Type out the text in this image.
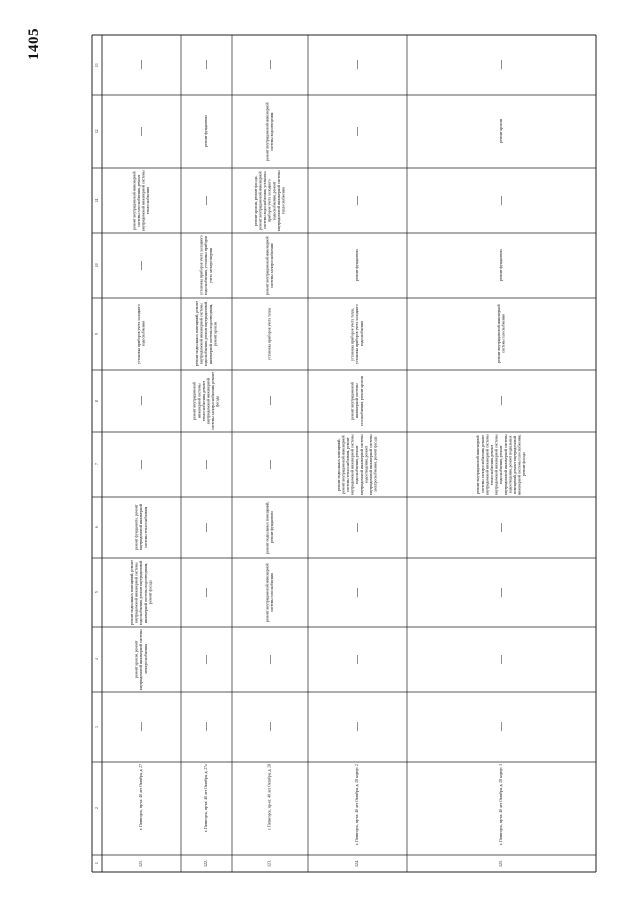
1405
1
2
3
4
5
6
7
8
9
10
11
12
13
121.
г. Пятигорск, пр-кт. 40 лет Октября, д. 27
—
ремонт кровли, ремонт внутридомовой инженерной системы электроснабжения
ремонт подвальных помещений, ремонт внутридомовой инженерной системы водоснабжения, ремонт внутридомовой инженерной системы водоотведения, ремонт фасада
ремонт фундамента, ремонт внутридомовой инженерной системы теплоснабжения
—
—
установка приборов учета холодного водоснабжения
—
ремонт внутридомовой инженерной системы газоснабжения, ремонт внутридомовой инженерной системы теплоснабжения
—
—
122.
г. Пятигорск, пр-кт. 40 лет Октября, д. 27а
—
—
—
—
—
ремонт внутридомовой инженерной системы теплоснабжения, ремонт внутридомовой инженерной системы электроснабжения, ремонт фасада
ремонт подвальных помещений, ремонт внутридомовой инженерной системы водоснабжения, ремонт внутридомовой инженерной системы водоотведения, ремонт кровли
установка приборов учета холодного водоснабжения, установка приборов учета электроэнергии
—
ремонт фундамента
—
123.
г. Пятигорск, пр-кт. 40 лет Октября, д. 28
—
—
ремонт внутридомовой инженерной системы газоснабжения
ремонт подвальных помещений, ремонт фундамента
—
—
установка приборов учета тепла
ремонт внутридомовой инженерной системы электроснабжения
ремонт кровли, ремонт фасада, ремонт внутридомовой инженерной системы водоснабжения, установка приборов учета холодного водоснабжения, ремонт внутридомовой инженерной системы теплоснабжения
ремонт внутридомовой инженерной системы водоотведения
—
124.
г. Пятигорск, пр-кт. 40 лет Октября, д. 28 корпус 2
—
—
—
—
ремонт подвальных помещений, ремонт внутридомовой инженерной системы теплоснабжения, ремонт внутридомовой инженерной системы водоснабжения, ремонт внутридомовой инженерной системы водоотведения, ремонт внутридомовой инженерной системы электроснабжения, ремонт фасада
ремонт внутридомовой инженерной системы газоснабжения, ремонт кровли
установка приборов учета тепла, установка приборов учета холодного водоснабжения
ремонт фундамента
—
—
—
125.
г. Пятигорск, пр-кт. 40 лет Октября, д. 28 корпус 3
—
—
—
—
ремонт внутридомовой инженерной системы электроснабжения, ремонт внутридомовой инженерной системы теплоснабжения, ремонт внутридомовой инженерной системы водоснабжения, ремонт внутридомовой инженерной системы водоотведения, ремонт подвальных помещений, ремонт внутридомовой инженерной системы газоснабжения, ремонт фасада
—
ремонт внутридомовой инженерной системы газоснабжения
ремонт фундамента
—
ремонт кровли
—
